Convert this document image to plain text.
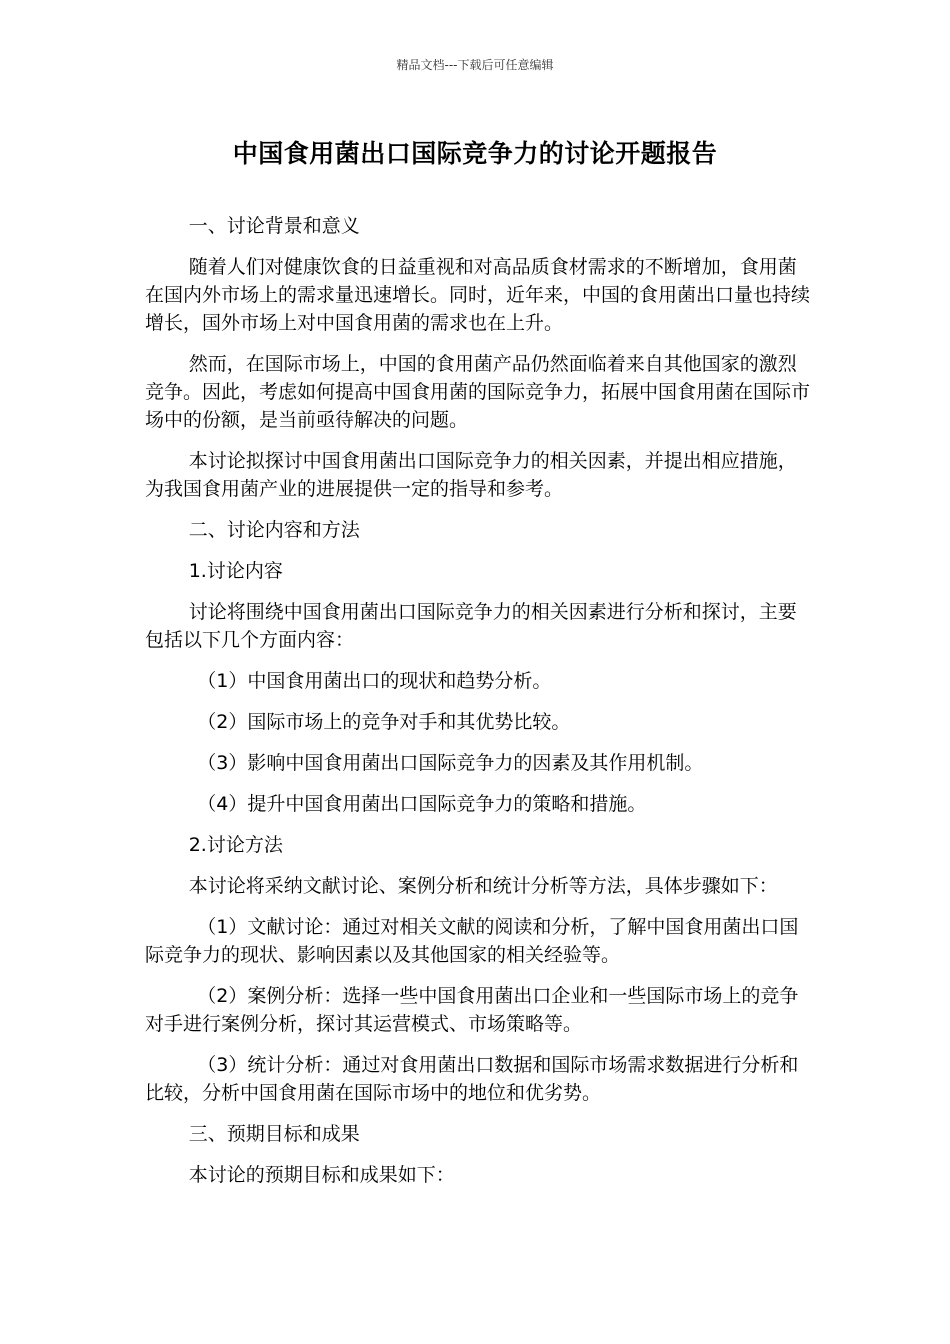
精品文档---下载后可任意编辑
中国食用菌出口国际竞争力的讨论开题报告

一、讨论背景和意义

随着人们对健康饮食的日益重视和对高品质食材需求的不断增加，食用菌在国内外市场上的需求量迅速增长。同时，近年来，中国的食用菌出口量也持续增长，国外市场上对中国食用菌的需求也在上升。

然而，在国际市场上，中国的食用菌产品仍然面临着来自其他国家的激烈竞争。因此，考虑如何提高中国食用菌的国际竞争力，拓展中国食用菌在国际市场中的份额，是当前亟待解决的问题。

本讨论拟探讨中国食用菌出口国际竞争力的相关因素，并提出相应措施，为我国食用菌产业的进展提供一定的指导和参考。

二、讨论内容和方法

1.讨论内容

讨论将围绕中国食用菌出口国际竞争力的相关因素进行分析和探讨，主要包括以下几个方面内容：

（1）中国食用菌出口的现状和趋势分析。

（2）国际市场上的竞争对手和其优势比较。

（3）影响中国食用菌出口国际竞争力的因素及其作用机制。

（4）提升中国食用菌出口国际竞争力的策略和措施。

2.讨论方法

本讨论将采纳文献讨论、案例分析和统计分析等方法，具体步骤如下：

（1）文献讨论：通过对相关文献的阅读和分析，了解中国食用菌出口国际竞争力的现状、影响因素以及其他国家的相关经验等。

（2）案例分析：选择一些中国食用菌出口企业和一些国际市场上的竞争对手进行案例分析，探讨其运营模式、市场策略等。

（3）统计分析：通过对食用菌出口数据和国际市场需求数据进行分析和比较，分析中国食用菌在国际市场中的地位和优劣势。

三、预期目标和成果

本讨论的预期目标和成果如下：
